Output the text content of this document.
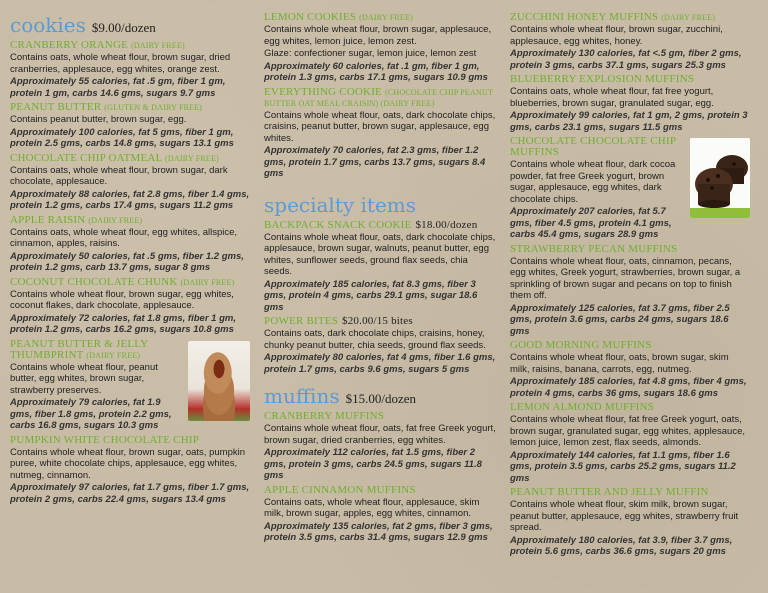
cookies $9.00/dozen
CRANBERRY ORANGE (DAIRY FREE)
Contains oats, whole wheat flour, brown sugar, dried cranberries, applesauce, egg whites, orange zest.
Approximately 55 calories, fat .5 gm, fiber 1 gm, protein 1 gm, carbs 14.6 gms, sugars 9.7 gms
PEANUT BUTTER (GLUTEN & DAIRY FREE)
Contains peanut butter, brown sugar, egg.
Approximately 100 calories, fat 5 gms, fiber 1 gm, protein 2.5 gms, carbs 14.8 gms, sugars 13.1 gms
CHOCOLATE CHIP OATMEAL (DAIRY FREE)
Contains oats, whole wheat flour, brown sugar, dark chocolate, applesauce.
Approximately 88 calories, fat 2.8 gms, fiber 1.4 gms, protein 1.2 gms, carbs 17.4 gms, sugars 11.2 gms
APPLE RAISIN (DAIRY FREE)
Contains oats, whole wheat flour, egg whites, allspice, cinnamon, apples, raisins.
Approximately 50 calories, fat .5 gms, fiber 1.2 gms, protein 1.2 gms, carb 13.7 gms, sugar 8 gms
COCONUT CHOCOLATE CHUNK (DAIRY FREE)
Contains whole wheat flour, brown sugar, egg whites, coconut flakes, dark chocolate, applesauce.
Approximately 72 calories, fat 1.8 gms, fiber 1 gm, protein 1.2 gms, carbs 16.2 gms, sugars 10.8 gms
PEANUT BUTTER & JELLY THUMBPRINT (DAIRY FREE)
Contains whole wheat flour, peanut butter, egg whites, brown sugar, strawberry preserves.
Approximately 79 calories, fat 1.9 gms, fiber 1.8 gms, protein 2.2 gms, carbs 16.8 gms, sugars 10.3 gms
PUMPKIN WHITE CHOCOLATE CHIP
Contains whole wheat flour, brown sugar, oats, pumpkin puree, white chocolate chips, applesauce, egg whites, nutmeg, cinnamon.
Approximately 97 calories, fat 1.7 gms, fiber 1.7 gms, protein 2 gms, carbs 22.4 gms, sugars 13.4 gms
LEMON COOKIES (DAIRY FREE)
Contains whole wheat flour, brown sugar, applesauce, egg whites, lemon juice, lemon zest.
Glaze: confectioner sugar, lemon juice, lemon zest
Approximately 60 calories, fat .1 gm, fiber 1 gm, protein 1.3 gms, carbs 17.1 gms, sugars 10.9 gms
EVERYTHING COOKIE (CHOCOLATE CHIP PEANUT BUTTER OAT MEAL CRAISIN) (DAIRY FREE)
Contains whole wheat flour, oats, dark chocolate chips, craisins, peanut butter, brown sugar, applesauce, egg whites.
Approximately 70 calories, fat 2.3 gms, fiber 1.2 gms, protein 1.7 gms, carbs 13.7 gms, sugars 8.4 gms
specialty items
BACKPACK SNACK COOKIE $18.00/dozen
Contains whole wheat flour, oats, dark chocolate chips, applesauce, brown sugar, walnuts, peanut butter, egg whites, sunflower seeds, ground flax seeds, chia seeds.
Approximately 185 calories, fat 8.3 gms, fiber 3 gms, protein 4 gms, carbs 29.1 gms, sugar 18.6 gms
POWER BITES $20.00/15 bites
Contains oats, dark chocolate chips, craisins, honey, chunky peanut butter, chia seeds, ground flax seeds.
Approximately 80 calories, fat 4 gms, fiber 1.6 gms, protein 1.7 gms, carbs 9.6 gms, sugars 5 gms
muffins $15.00/dozen
CRANBERRY MUFFINS
Contains whole wheat flour, oats, fat free Greek yogurt, brown sugar, dried cranberries, egg whites.
Approximately 112 calories, fat 1.5 gms, fiber 2 gms, protein 3 gms, carbs 24.5 gms, sugars 11.8 gms
APPLE CINNAMON MUFFINS
Contains oats, whole wheat flour, applesauce, skim milk, brown sugar, apples, egg whites, cinnamon.
Approximately 135 calories, fat 2 gms, fiber 3 gms, protein 3.5 gms, carbs 31.4 gms, sugars 12.9 gms
ZUCCHINI HONEY MUFFINS (DAIRY FREE)
Contains whole wheat flour, brown sugar, zucchini, applesauce, egg whites, honey.
Approximately 130 calories, fat <.5 gm, fiber 2 gms, protein 3 gms, carbs 37.1 gms, sugars 25.3 gms
BLUEBERRY EXPLOSION MUFFINS
Contains oats, whole wheat flour, fat free yogurt, blueberries, brown sugar, granulated sugar, egg.
Approximately 99 calories, fat 1 gm, 2 gms, protein 3 gms, carbs 23.1 gms, sugars 11.5 gms
CHOCOLATE CHOCOLATE CHIP MUFFINS
Contains whole wheat flour, dark cocoa powder, fat free Greek yogurt, brown sugar, applesauce, egg whites, dark chocolate chips.
Approximately 207 calories, fat 5.7 gms, fiber 4.5 gms, protein 4.1 gms, carbs 45.4 gms, sugars 28.9 gms
STRAWBERRY PECAN MUFFINS
Contains whole wheat flour, oats, cinnamon, pecans, egg whites, Greek yogurt, strawberries, brown sugar, a sprinkling of brown sugar and pecans on top to finish them off.
Approximately 125 calories, fat 3.7 gms, fiber 2.5 gms, protein 3.6 gms, carbs 24 gms, sugars 18.6 gms
GOOD MORNING MUFFINS
Contains whole wheat flour, oats, brown sugar, skim milk, raisins, banana, carrots, egg, nutmeg.
Approximately 185 calories, fat 4.8 gms, fiber 4 gms, protein 4 gms, carbs 36 gms, sugars 18.6 gms
LEMON ALMOND MUFFINS
Contains whole wheat flour, fat free Greek yogurt, oats, brown sugar, granulated sugar, egg whites, applesauce, lemon juice, lemon zest, flax seeds, almonds.
Approximately 144 calories, fat 1.1 gms, fiber 1.6 gms, protein 3.5 gms, carbs 25.2 gms, sugars 11.2 gms
PEANUT BUTTER AND JELLY MUFFIN
Contains whole wheat flour, skim milk, brown sugar, peanut butter, applesauce, egg whites, strawberry fruit spread.
Approximately 180 calories, fat 3.9, fiber 3.7 gms, protein 5.6 gms, carbs 36.6 gms, sugars 20 gms
